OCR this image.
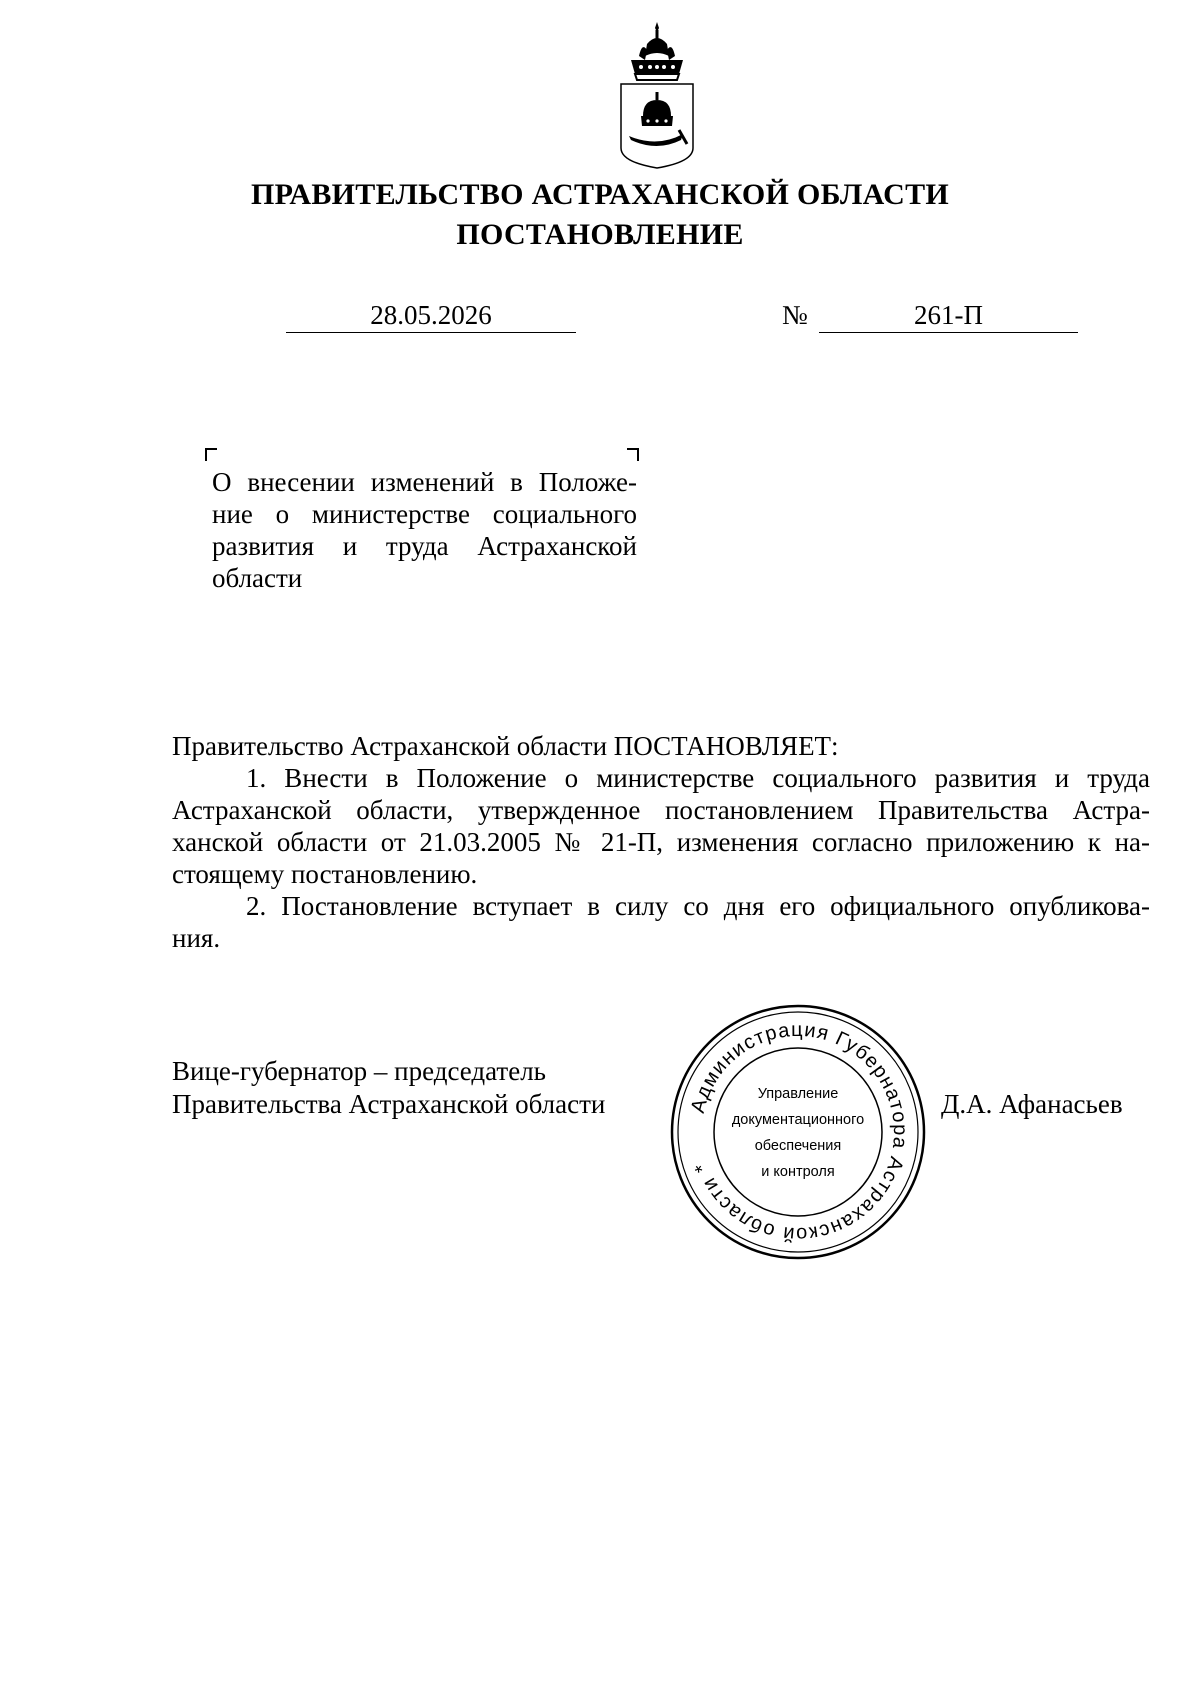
ПРАВИТЕЛЬСТВО АСТРАХАНСКОЙ ОБЛАСТИ
ПОСТАНОВЛЕНИЕ
28.05.2026	№	261-П
О внесении изменений в Положе-
ние о министерстве социального
развития и труда Астраханской
области
Правительство Астраханской области ПОСТАНОВЛЯЕТ:
1. Внести в Положение о министерстве социального развития и труда
Астраханской области, утвержденное постановлением Правительства Астра-
ханской области от 21.03.2005 № 21-П, изменения согласно приложению к на-
стоящему постановлению.
2. Постановление вступает в силу со дня его официального опубликова-
ния.
Вице-губернатор – председатель
Правительства Астраханской области	Д.А. Афанасьев
Администрация Губернатора Астраханской области *
Управление
документационного
обеспечения
и контроля
